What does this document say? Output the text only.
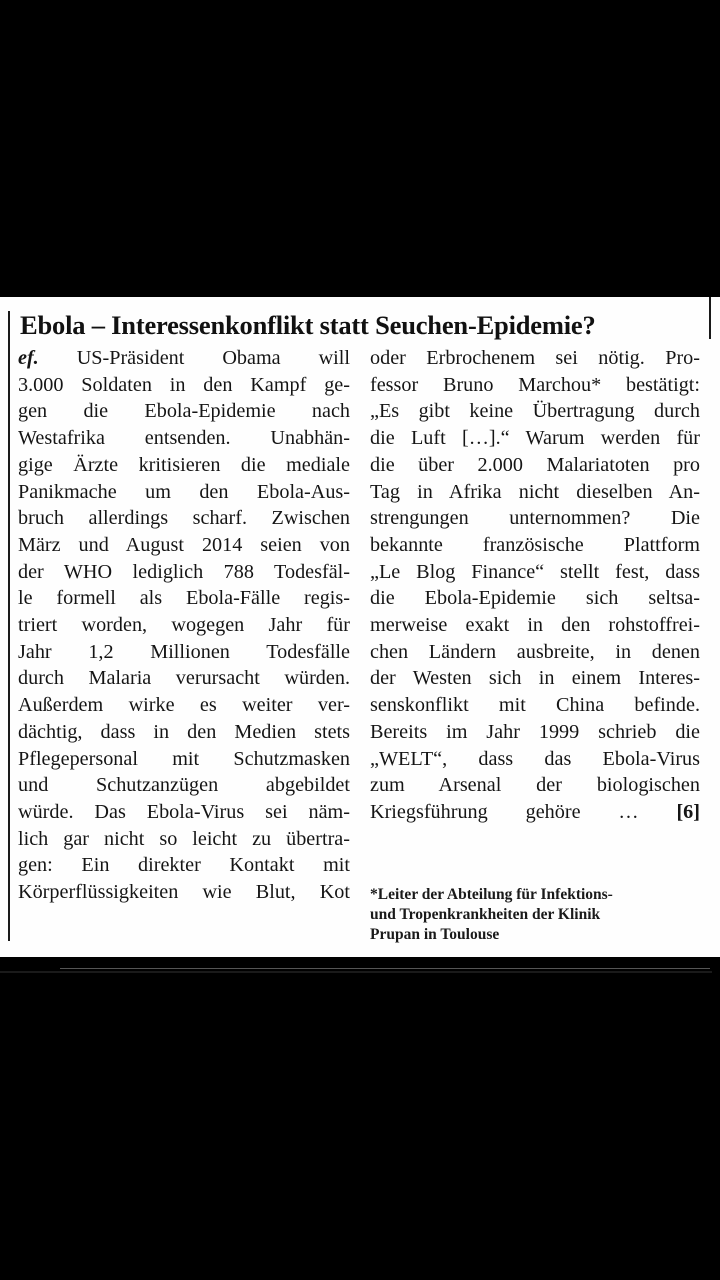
Ebola – Interessenkonflikt statt Seuchen-Epidemie?
ef. US-Präsident Obama will
3.000 Soldaten in den Kampf ge-
gen die Ebola-Epidemie nach
Westafrika entsenden. Unabhän-
gige Ärzte kritisieren die mediale
Panikmache um den Ebola-Aus-
bruch allerdings scharf. Zwischen
März und August 2014 seien von
der WHO lediglich 788 Todesfäl-
le formell als Ebola-Fälle regis-
triert worden, wogegen Jahr für
Jahr 1,2 Millionen Todesfälle
durch Malaria verursacht würden.
Außerdem wirke es weiter ver-
dächtig, dass in den Medien stets
Pflegepersonal mit Schutzmasken
und Schutzanzügen abgebildet
würde. Das Ebola-Virus sei näm-
lich gar nicht so leicht zu übertra-
gen: Ein direkter Kontakt mit
Körperflüssigkeiten wie Blut, Kot
oder Erbrochenem sei nötig. Pro-
fessor Bruno Marchou* bestätigt:
„Es gibt keine Übertragung durch
die Luft […].“ Warum werden für
die über 2.000 Malariatoten pro
Tag in Afrika nicht dieselben An-
strengungen unternommen? Die
bekannte französische Plattform
„Le Blog Finance“ stellt fest, dass
die Ebola-Epidemie sich seltsa-
merweise exakt in den rohstoffrei-
chen Ländern ausbreite, in denen
der Westen sich in einem Interes-
senskonflikt mit China befinde.
Bereits im Jahr 1999 schrieb die
„WELT“, dass das Ebola-Virus
zum Arsenal der biologischen
Kriegsführung gehöre … [6]
*Leiter der Abteilung für Infektions-
und Tropenkrankheiten der Klinik
Prupan in Toulouse
